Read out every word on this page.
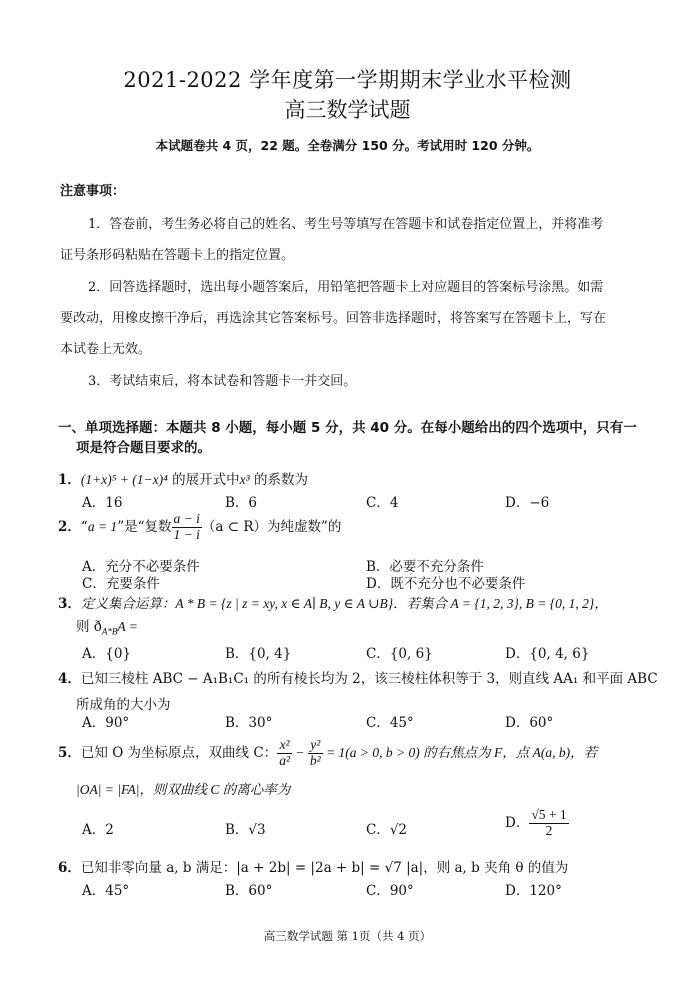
2021-2022 学年度第一学期期末学业水平检测
高三数学试题
本试题卷共 4 页，22 题。全卷满分 150 分。考试用时 120 分钟。
注意事项：
1．答卷前，考生务必将自己的姓名、考生号等填写在答题卡和试卷指定位置上，并将准考
证号条形码粘贴在答题卡上的指定位置。
2．回答选择题时，选出每小题答案后，用铅笔把答题卡上对应题目的答案标号涂黑。如需
要改动，用橡皮擦干净后，再选涂其它答案标号。回答非选择题时，将答案写在答题卡上，写在
本试卷上无效。
3．考试结束后，将本试卷和答题卡一并交回。
一、单项选择题：本题共 8 小题，每小题 5 分，共 40 分。在每小题给出的四个选项中，只有一
项是符合题目要求的。
1．(1+x)⁵ + (1−x)⁴ 的展开式中x³ 的系数为
A．16	B．6	C．4	D．−6
2．“a = 1”是“复数 $\frac{a - i}{1 - i} (a$ ⊂ R）为纯虚数”的
A．充分不必要条件	B．必要不充分条件
C．充要条件	D．既不充分也不必要条件
3．定义集合运算：A * B = {z | z = xy, x ∈ A∣ B, y ∈ A ∪B}．若集合 A = {1, 2, 3}, B = {0, 1, 2}，
则 $ð_{A*B}A$ =
A．{0}	B．{0, 4}	C．{0, 6}	D．{0, 4, 6}
4．已知三棱柱 ABC − A₁B₁C₁ 的所有棱长均为 2，该三棱柱体积等于 3，则直线 AA₁ 和平面 ABC
所成角的大小为
A．90°	B．30°	C．45°	D．60°
5．已知 O 为坐标原点，双曲线 C： $\frac{\text{x²}}{\text{a²}} - \frac{\text{y²}}{\text{b²}} = 1(a > 0$, b > 0) 的右焦点为 F，点 A(a, b)，若
|OA| = |FA|，则双曲线 C 的离心率为
A．2	B．√3	C．√2	D． $\frac{√5 + 1}{2}$
6．已知非零向量 a, b 满足：|a + 2b| = |2a + b| = √7 |a|，则 a, b 夹角 θ 的值为
A．45°	B．60°	C．90°	D．120°
高三数学试题 第 1页（共 4 页）
